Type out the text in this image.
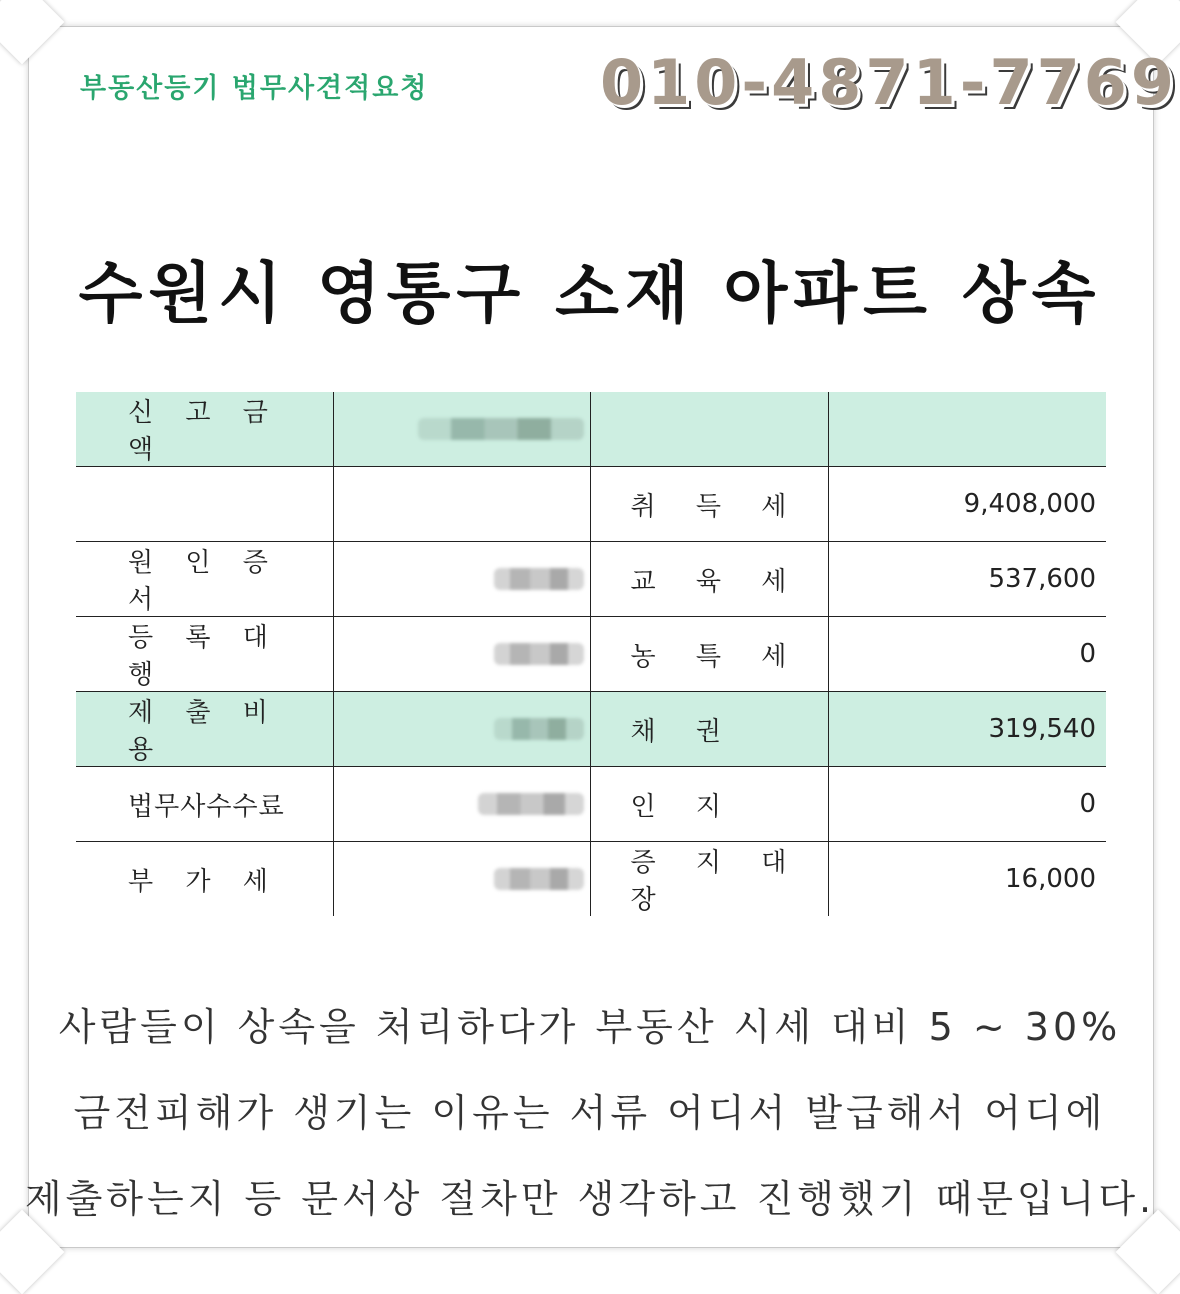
부동산등기 법무사견적요청	010-4871-7769
수원시 영통구 소재 아파트 상속
신 고 금 액	

		취 득 세	9,408,000
원 인 증 서		교 육 세	537,600
등 록 대 행		농 특 세	0
제 출 비 용		채 권	319,540
법무사수수료		인 지	0
부 가 세		증 지 대 장	16,000
사람들이 상속을 처리하다가 부동산 시세 대비 5 ~ 30%
금전피해가 생기는 이유는 서류 어디서 발급해서 어디에
제출하는지 등 문서상 절차만 생각하고 진행했기 때문입니다.
